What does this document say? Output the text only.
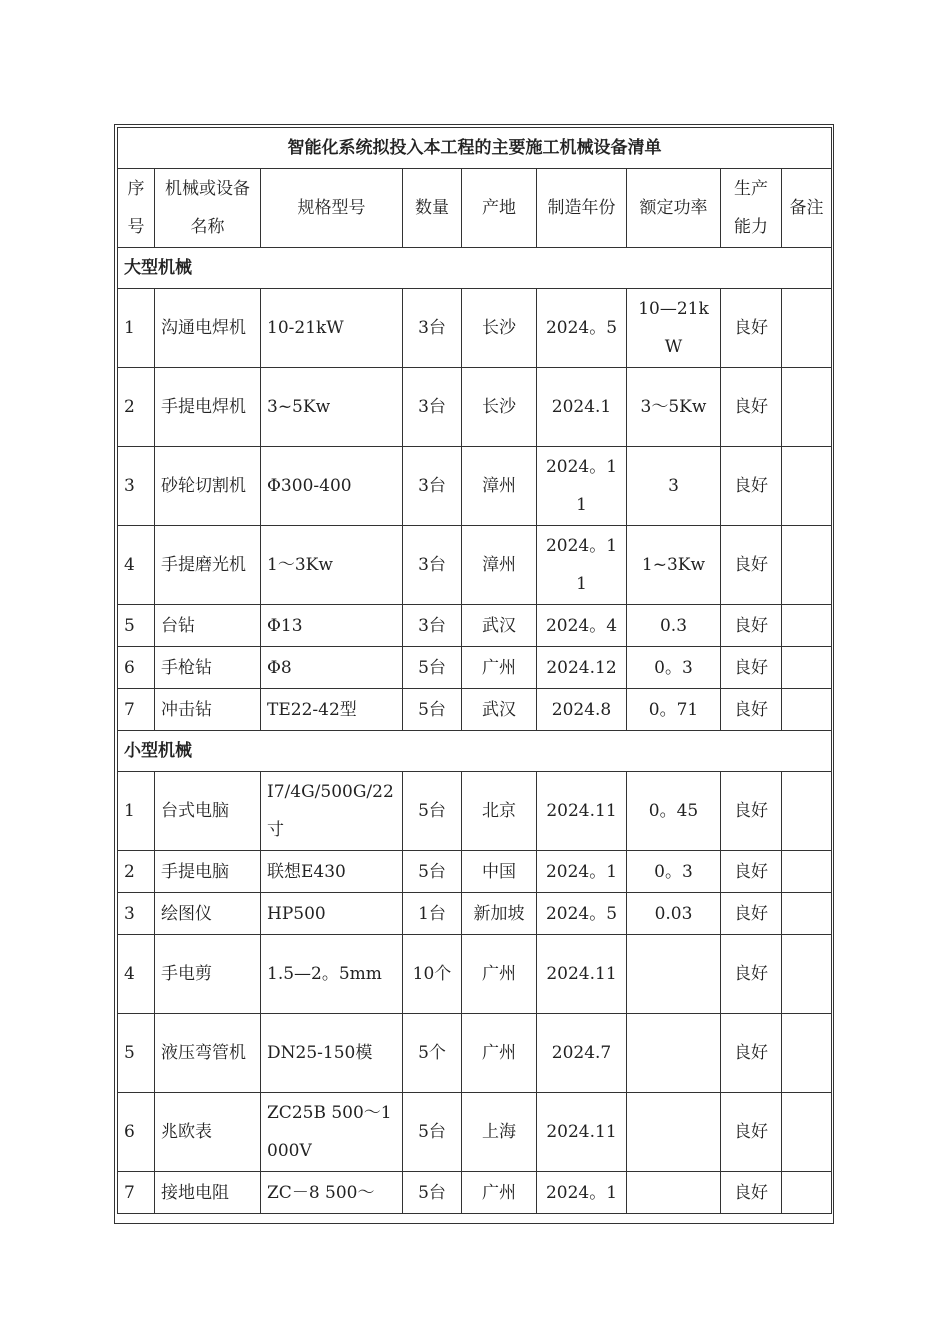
智能化系统拟投入本工程的主要施工机械设备清单								
序号	机械或设备名称	规格型号	数量	产地	制造年份	额定功率	生产能力	备注
大型机械								
1	沟通电焊机	10-21kW	3台	长沙	2024。5	10—21kW	良好	
2	手提电焊机	3~5Kw	3台	长沙	2024.1	3～5Kw	良好	
3	砂轮切割机	Φ300-400	3台	漳州	2024。11	3	良好	
4	手提磨光机	1～3Kw	3台	漳州	2024。11	1~3Kw	良好	
5	台钻	Φ13	3台	武汉	2024。4	0.3	良好	
6	手枪钻	Φ8	5台	广州	2024.12	0。3	良好	
7	冲击钻	TE22-42型	5台	武汉	2024.8	0。71	良好	
小型机械								
1	台式电脑	I7/4G/500G/22寸	5台	北京	2024.11	0。45	良好	
2	手提电脑	联想E430	5台	中国	2024。1	0。3	良好	
3	绘图仪	HP500	1台	新加坡	2024。5	0.03	良好	
4	手电剪	1.5—2。5mm	10个	广州	2024.11		良好	
5	液压弯管机	DN25-150模	5个	广州	2024.7		良好	
6	兆欧表	ZC25B 500～1000V	5台	上海	2024.11		良好	
7	接地电阻	ZC－8 500～	5台	广州	2024。1		良好	
